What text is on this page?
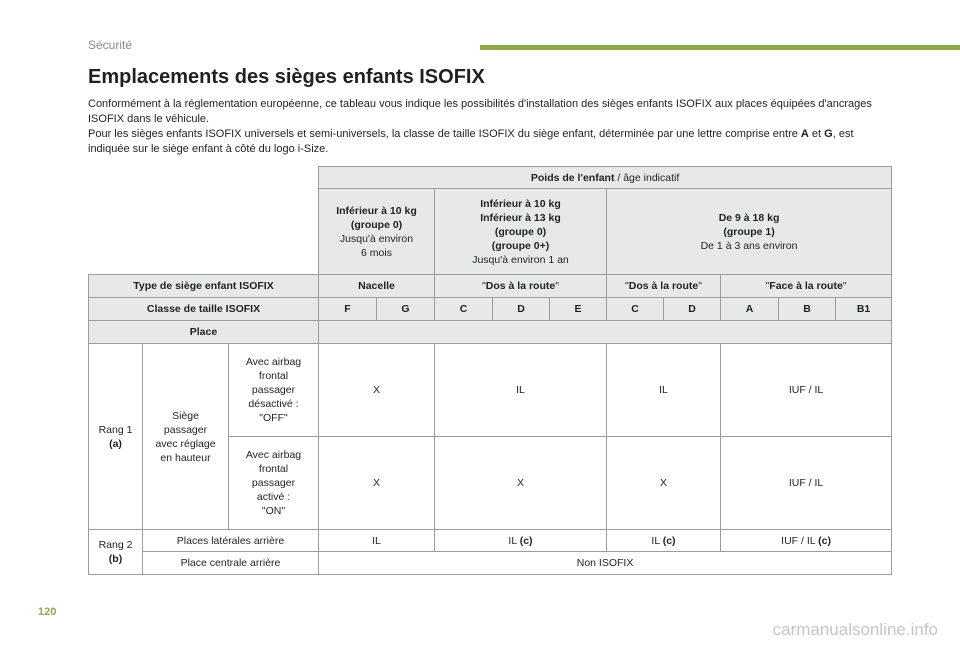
Sécurité
Emplacements des sièges enfants ISOFIX

Conformément à la réglementation européenne, ce tableau vous indique les possibilités d'installation des sièges enfants ISOFIX aux places équipées d'ancrages ISOFIX dans le véhicule.

Pour les sièges enfants ISOFIX universels et semi-universels, la classe de taille ISOFIX du siège enfant, déterminée par une lettre comprise entre A et G, est indiquée sur le siège enfant à côté du logo i-Size.

			Poids de l'enfant / âge indicatif									
			Inférieur à 10 kg
(groupe 0)
Jusqu'à environ
6 mois		Inférieur à 10 kg
Inférieur à 13 kg
(groupe 0)
(groupe 0+)
Jusqu'à environ 1 an			De 9 à 18 kg
(groupe 1)
De 1 à 3 ans environ				
Type de siège enfant ISOFIX			Nacelle		"Dos à la route"			"Dos à la route"		"Face à la route"		
Classe de taille ISOFIX			F	G	C	D	E	C	D	A	B	B1
Place												
Rang 1
(a)	Siège
passager
avec réglage
en hauteur	Avec airbag
frontal
passager
désactivé :
"OFF"	X		IL			IL		IUF / IL		
		Avec airbag
frontal
passager
activé :
"ON"	X		X			X		IUF / IL		
Rang 2
(b)	Places latérales arrière		IL		IL (c)			IL (c)		IUF / IL (c)		
	Place centrale arrière		Non ISOFIX									
120
carmanualsonline.info
